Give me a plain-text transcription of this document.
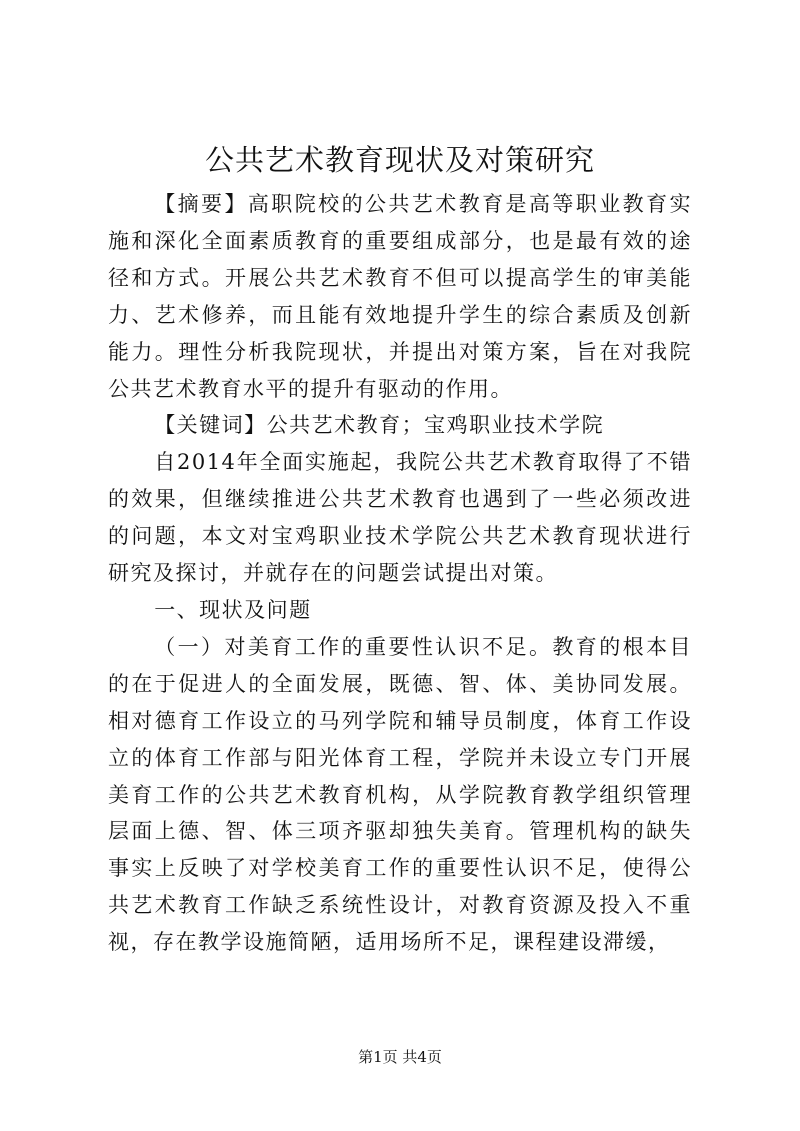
公共艺术教育现状及对策研究

【摘要】高职院校的公共艺术教育是高等职业教育实施和深化全面素质教育的重要组成部分，也是最有效的途径和方式。开展公共艺术教育不但可以提高学生的审美能力、艺术修养，而且能有效地提升学生的综合素质及创新能力。理性分析我院现状，并提出对策方案，旨在对我院公共艺术教育水平的提升有驱动的作用。

【关键词】公共艺术教育；宝鸡职业技术学院

自2014年全面实施起，我院公共艺术教育取得了不错的效果，但继续推进公共艺术教育也遇到了一些必须改进的问题，本文对宝鸡职业技术学院公共艺术教育现状进行研究及探讨，并就存在的问题尝试提出对策。

一、现状及问题

（一）对美育工作的重要性认识不足。教育的根本目的在于促进人的全面发展，既德、智、体、美协同发展。相对德育工作设立的马列学院和辅导员制度，体育工作设立的体育工作部与阳光体育工程，学院并未设立专门开展美育工作的公共艺术教育机构，从学院教育教学组织管理层面上德、智、体三项齐驱却独失美育。管理机构的缺失事实上反映了对学校美育工作的重要性认识不足，使得公共艺术教育工作缺乏系统性设计，对教育资源及投入不重视，存在教学设施简陋，适用场所不足，课程建设滞缓，

第1页 共4页
